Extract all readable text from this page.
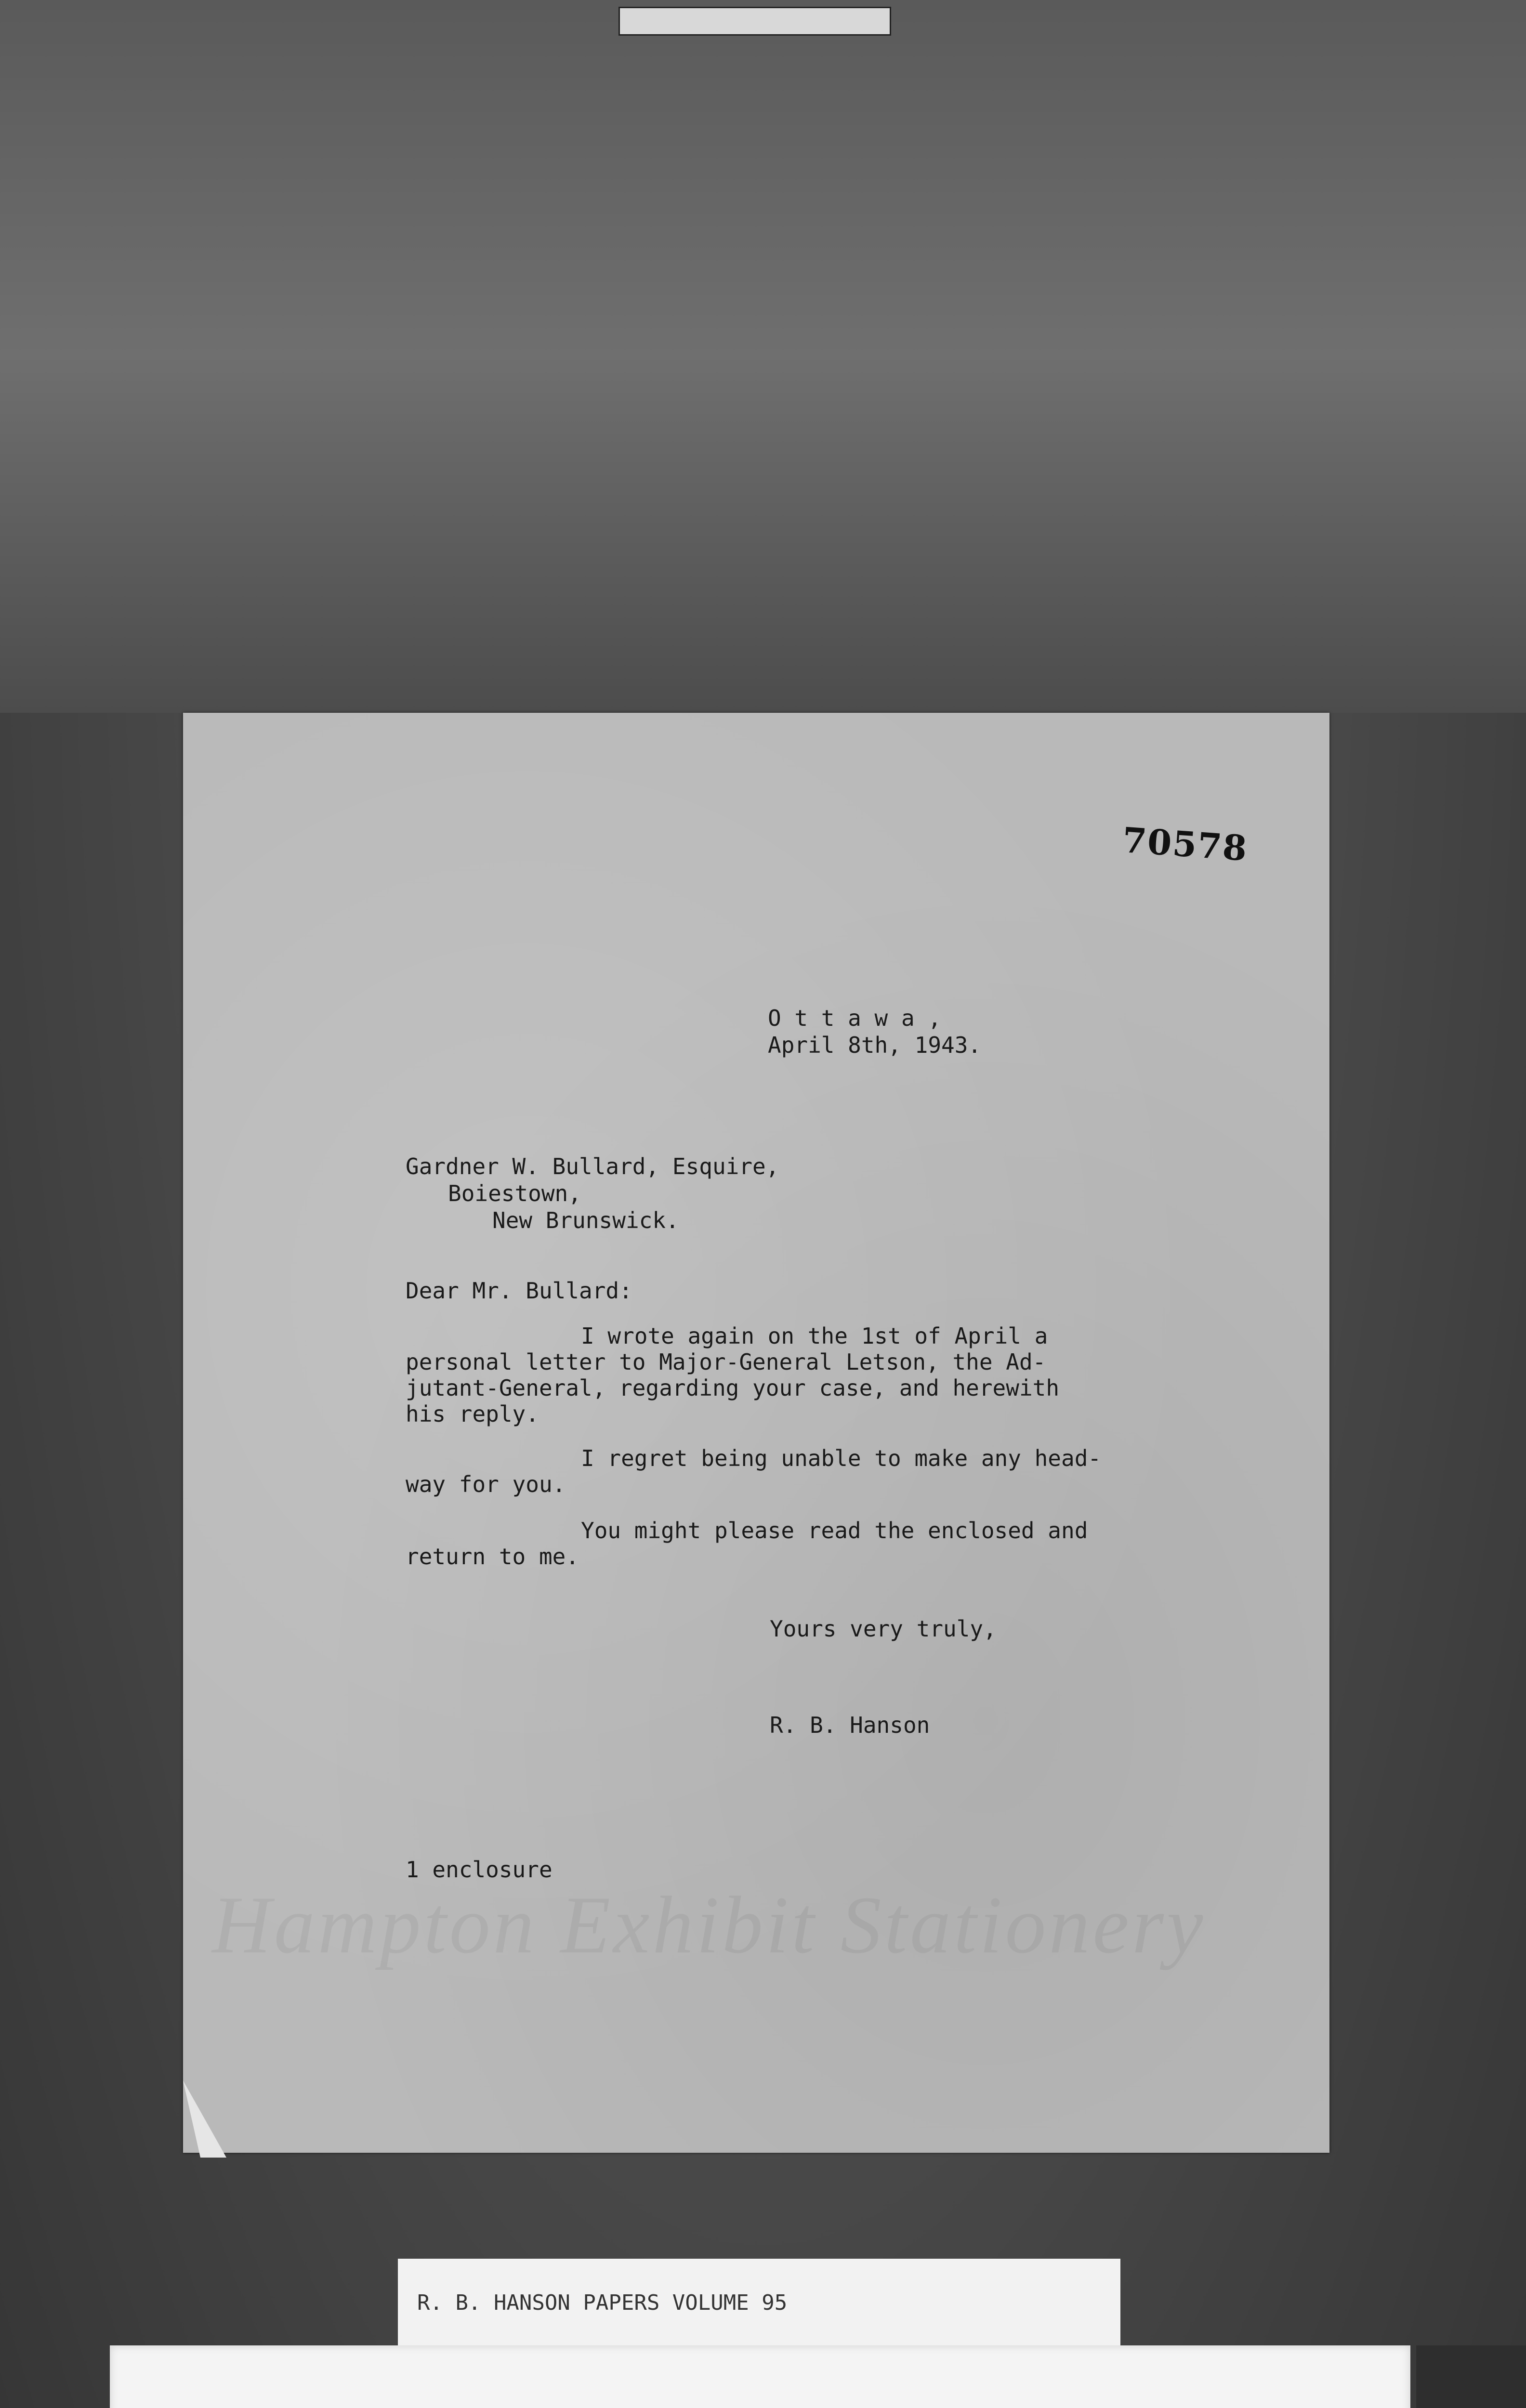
Hampton Exhibit Stationery
70578
O t t a w a ,
April 8th, 1943.
Gardner W. Bullard, Esquire,
Boiestown,
New Brunswick.
Dear Mr. Bullard:
I wrote again on the 1st of April a
personal letter to Major-General Letson, the Ad-
jutant-General, regarding your case, and herewith
his reply.
I regret being unable to make any head-
way for you.
You might please read the enclosed and
return to me.
Yours very truly,
R. B. Hanson
1 enclosure
R. B. HANSON PAPERS VOLUME 95
